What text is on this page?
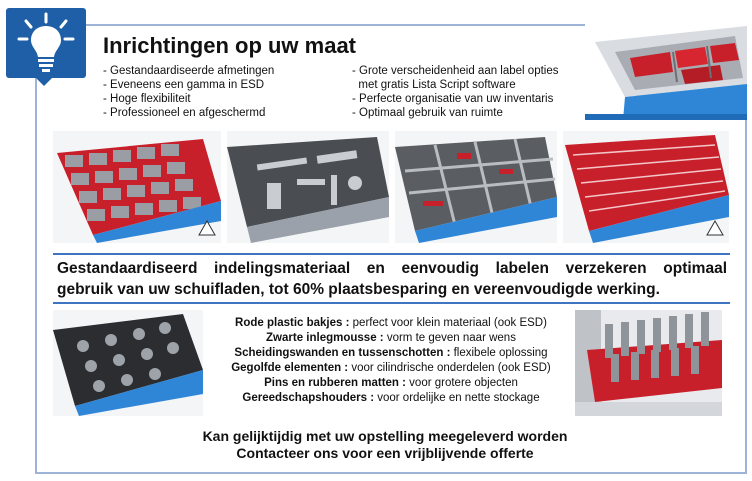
Inrichtingen op uw maat
- Gestandaardiseerde afmetingen
- Eveneens een gamma in ESD
- Hoge flexibiliteit
- Professioneel en afgeschermd
- Grote verscheidenheid aan label opties
met gratis Lista Script software
- Perfecte organisatie van uw inventaris
- Optimaal gebruik van ruimte

Gestandaardiseerd indelingsmateriaal en eenvoudig labelen verzekeren optimaal

gebruik van uw schuifladen, tot 60% plaatsbesparing en vereenvoudigde werking.

Rode plastic bakjes : perfect voor klein materiaal (ook ESD)
Zwarte inlegmousse : vorm te geven naar wens
Scheidingswanden en tussenschotten : flexibele oplossing
Gegolfde elementen : voor cilindrische onderdelen (ook ESD)
Pins en rubberen matten : voor grotere objecten
Gereedschapshouders : voor ordelijke en nette stockage
Kan gelijktijdig met uw opstelling meegeleverd worden
Contacteer ons voor een vrijblijvende offerte
